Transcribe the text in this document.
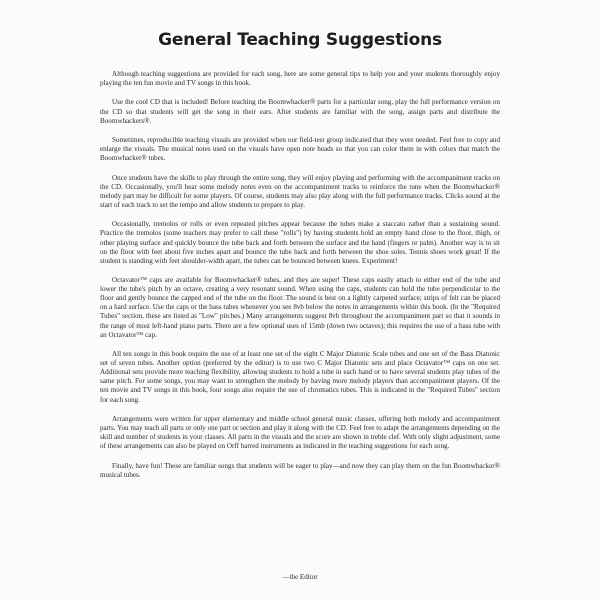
General Teaching Suggestions

Although teaching suggestions are provided for each song, here are some general tips to help you and your students thoroughly enjoy playing the ten fun movie and TV songs in this book.

Use the cool CD that is included! Before teaching the Boomwhacker® parts for a particular song, play the full performance version on the CD so that students will get the song in their ears. After students are familiar with the song, assign parts and distribute the Boomwhackers®.

Sometimes, reproducible teaching visuals are provided when our field-test group indicated that they were needed. Feel free to copy and enlarge the visuals. The musical notes used on the visuals have open note heads so that you can color them in with colors that match the Boomwhacker® tubes.

Once students have the skills to play through the entire song, they will enjoy playing and performing with the accompaniment tracks on the CD. Occasionally, you'll hear some melody notes even on the accompaniment tracks to reinforce the tune when the Boomwhacker® melody part may be difficult for some players. Of course, students may also play along with the full performance tracks. Clicks sound at the start of each track to set the tempo and allow students to prepare to play.

Occasionally, tremolos or rolls or even repeated pitches appear because the tubes make a staccato rather than a sustaining sound. Practice the tremolos (some teachers may prefer to call these "rolls") by having students hold an empty hand close to the floor, thigh, or other playing surface and quickly bounce the tube back and forth between the surface and the hand (fingers or palm). Another way is to sit on the floor with feet about five inches apart and bounce the tube back and forth between the shoe soles. Tennis shoes work great! If the student is standing with feet shoulder-width apart, the tubes can be bounced between knees. Experiment!

Octavator™ caps are available for Boomwhacker® tubes, and they are super! These caps easily attach to either end of the tube and lower the tube's pitch by an octave, creating a very resonant sound. When using the caps, students can hold the tube perpendicular to the floor and gently bounce the capped end of the tube on the floor. The sound is best on a lightly carpeted surface; strips of felt can be placed on a hard surface. Use the caps or the bass tubes whenever you see 8vb below the notes in arrangements within this book. (In the "Required Tubes" section, these are listed as "Low" pitches.) Many arrangements suggest 8vb throughout the accompaniment part so that it sounds in the range of most left-hand piano parts. There are a few optional uses of 15mb (down two octaves); this requires the use of a bass tube with an Octavator™ cap.

All ten songs in this book require the use of at least one set of the eight C Major Diatonic Scale tubes and one set of the Bass Diatonic set of seven tubes. Another option (preferred by the editor) is to use two C Major Diatonic sets and place Octavator™ caps on one set. Additional sets provide more teaching flexibility, allowing students to hold a tube in each hand or to have several students play tubes of the same pitch. For some songs, you may want to strengthen the melody by having more melody players than accompaniment players. Of the ten movie and TV songs in this book, four songs also require the use of chromatics tubes. This is indicated in the "Required Tubes" section for each song.

Arrangements were written for upper elementary and middle school general music classes, offering both melody and accompaniment parts. You may teach all parts or only one part or section and play it along with the CD. Feel free to adapt the arrangements depending on the skill and number of students in your classes. All parts in the visuals and the score are shown in treble clef. With only slight adjustment, some of these arrangements can also be played on Orff barred instruments as indicated in the teaching suggestions for each song.

Finally, have fun! These are familiar songs that students will be eager to play—and now they can play them on the fun Boomwhacker® musical tubes.

—the Editor
